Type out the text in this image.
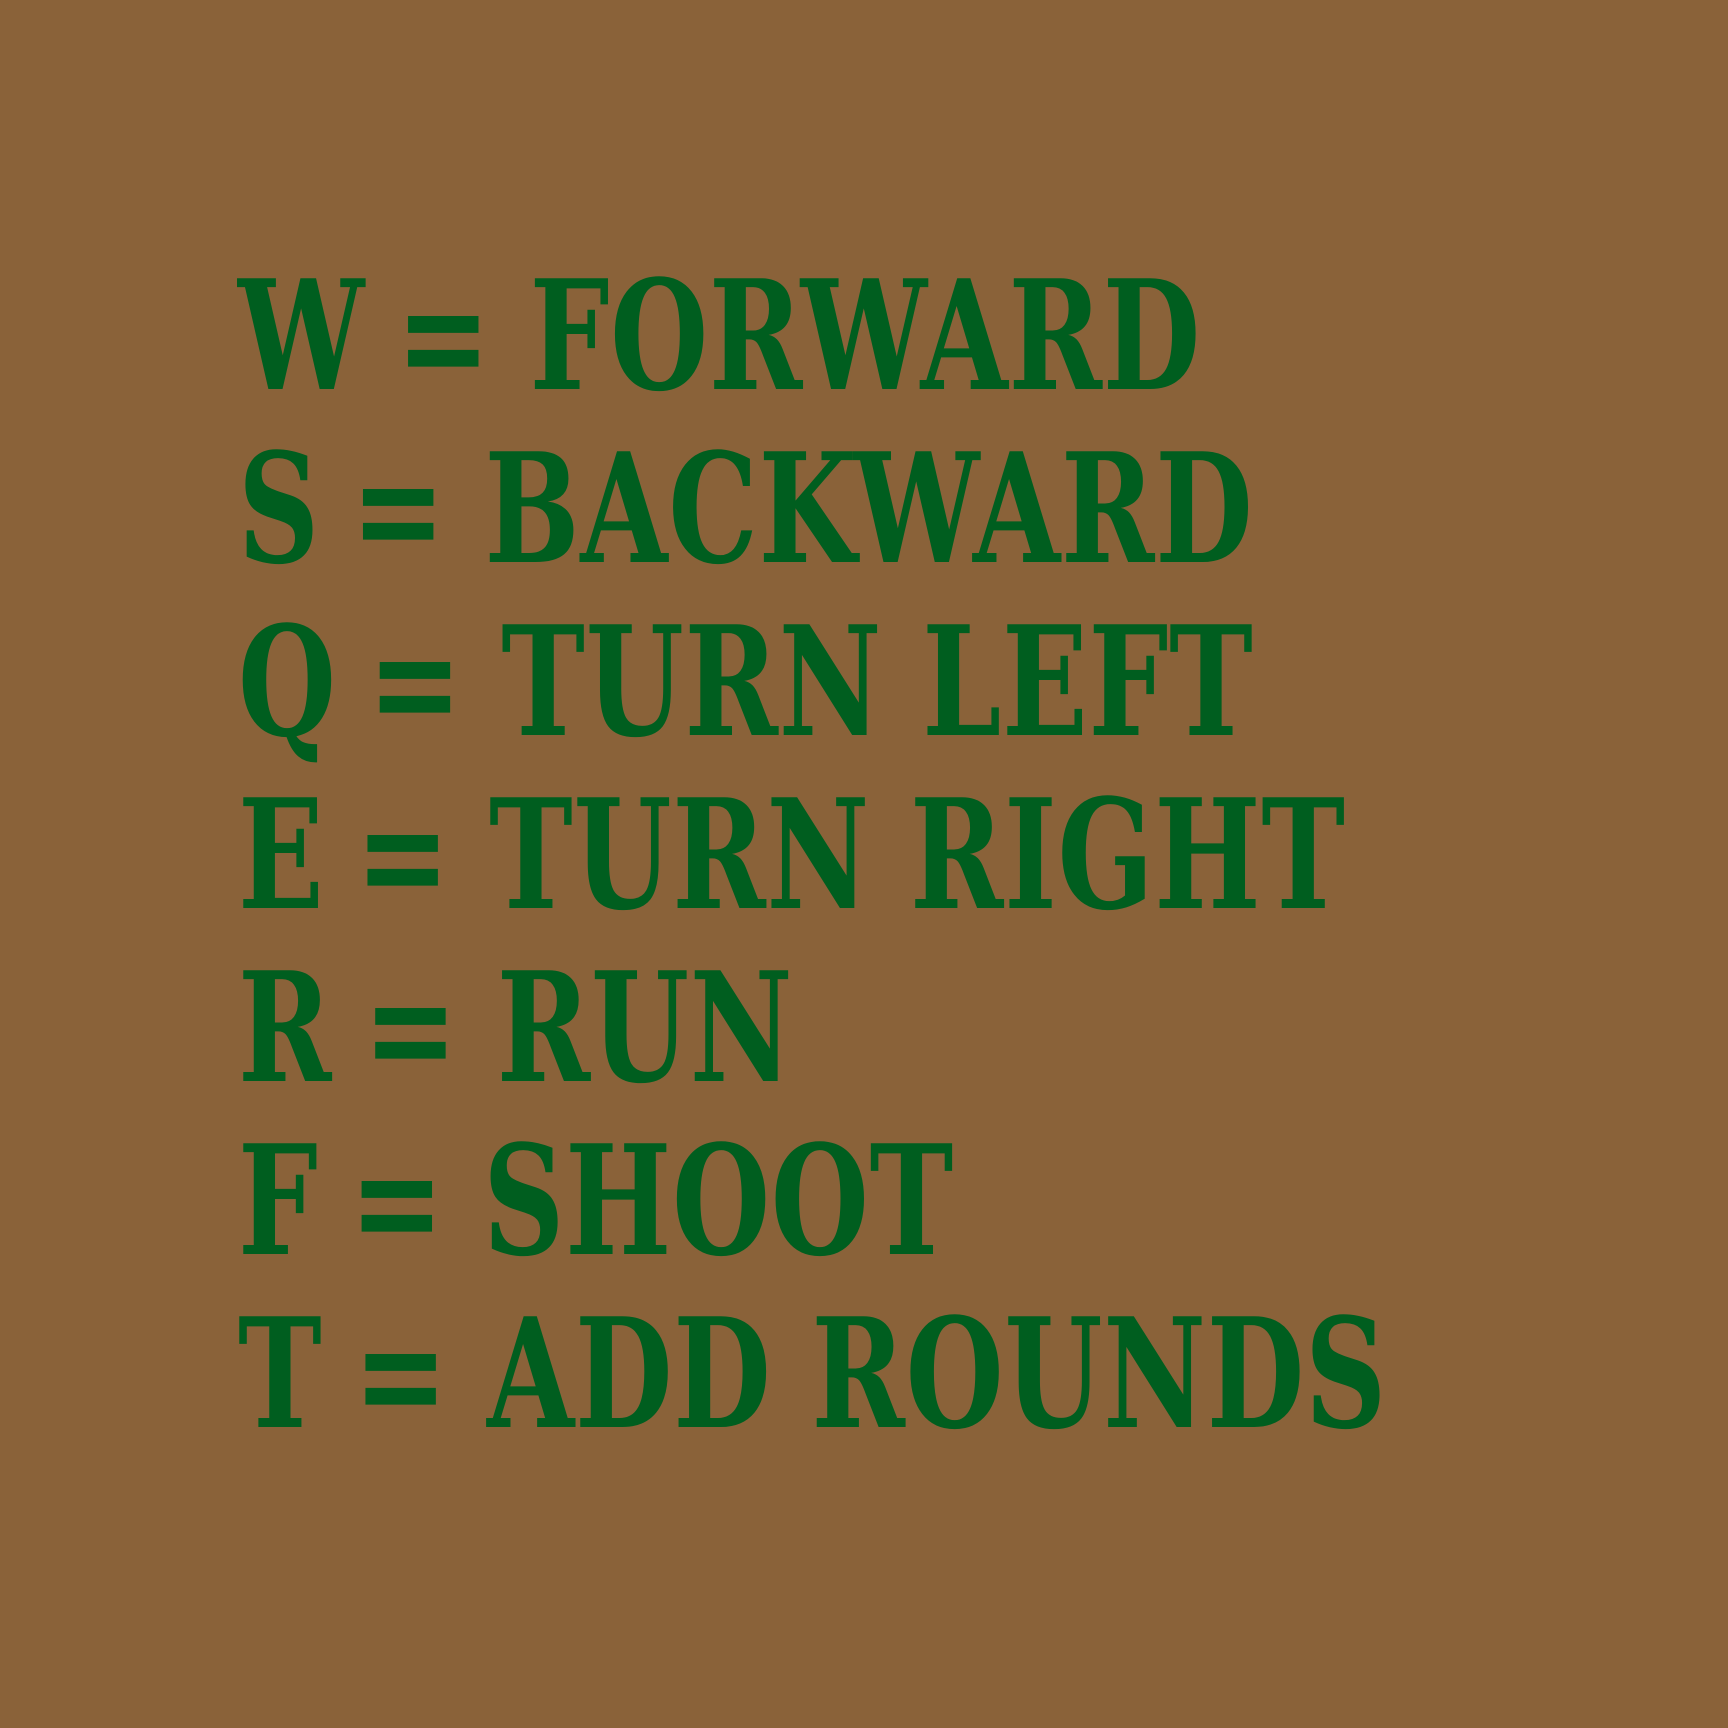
W = FORWARD
S = BACKWARD
Q = TURN LEFT
E = TURN RIGHT
R = RUN
F = SHOOT
T = ADD ROUNDS
